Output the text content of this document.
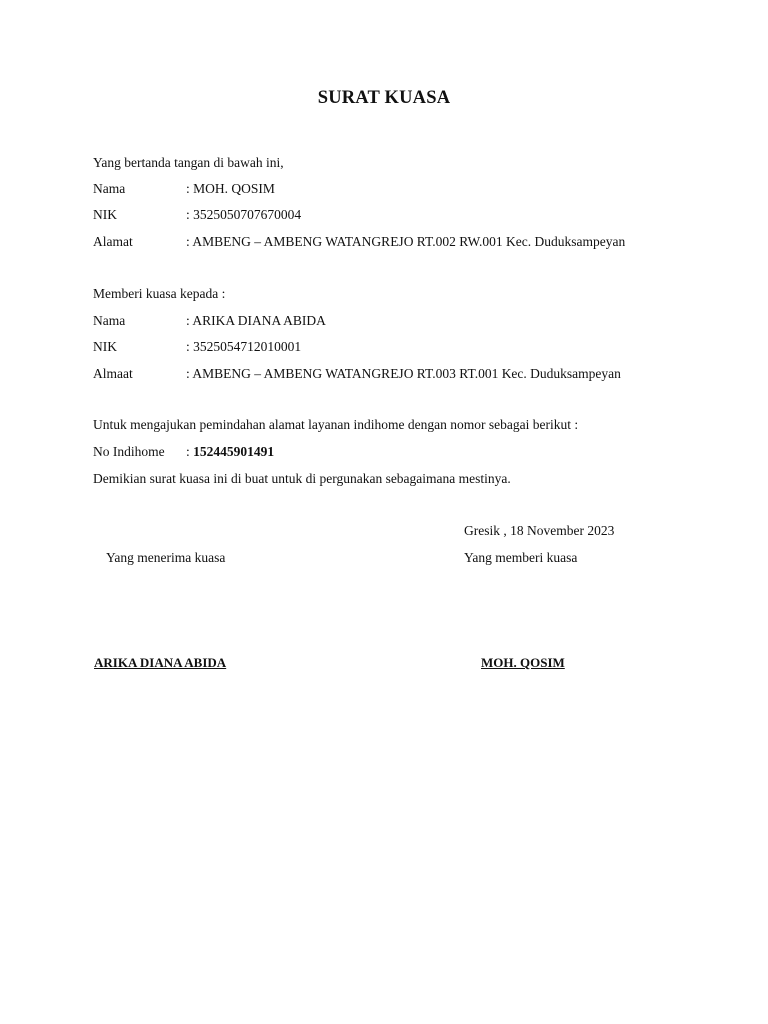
SURAT KUASA
Yang bertanda tangan di bawah ini,
Nama	: MOH. QOSIM
NIK	: 3525050707670004
Alamat	: AMBENG – AMBENG WATANGREJO RT.002 RW.001 Kec. Duduksampeyan
Memberi kuasa kepada :
Nama	: ARIKA DIANA ABIDA
NIK	: 3525054712010001
Almaat	: AMBENG – AMBENG WATANGREJO RT.003 RT.001 Kec. Duduksampeyan
Untuk mengajukan pemindahan alamat layanan indihome dengan nomor sebagai berikut :
No Indihome : 152445901491
Demikian surat kuasa ini di buat untuk di pergunakan sebagaimana mestinya.
Gresik , 18 November 2023
Yang menerima kuasa	Yang memberi kuasa
ARIKA DIANA ABIDA	MOH. QOSIM
